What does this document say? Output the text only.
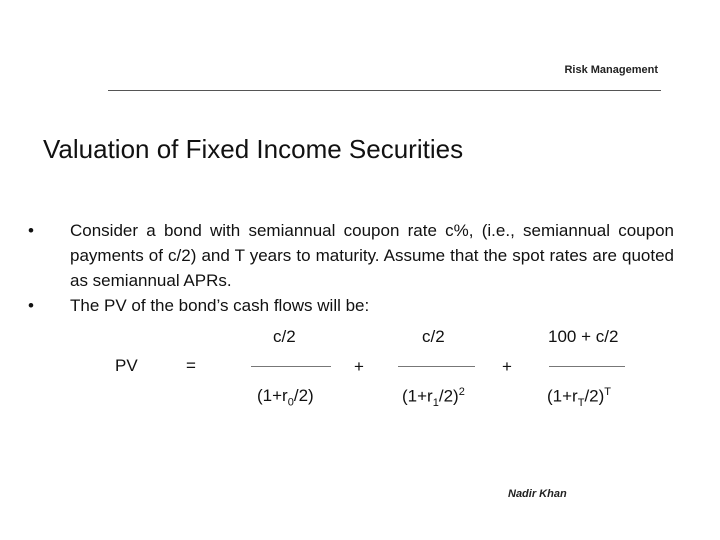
Risk Management
Valuation of Fixed Income Securities
•	Consider a bond with semiannual coupon rate c%, (i.e., semiannual coupon payments of c/2) and T years to maturity. Assume that the spot rates are quoted as semiannual APRs.
•	The PV of the bond’s cash flows will be:
PV	=
c/2
$(1+r_0/2)$
+
c/2
$(1+r_1/2)^2$
+
100 + c/2
$(1+r_T/2)^T$
Nadir Khan
